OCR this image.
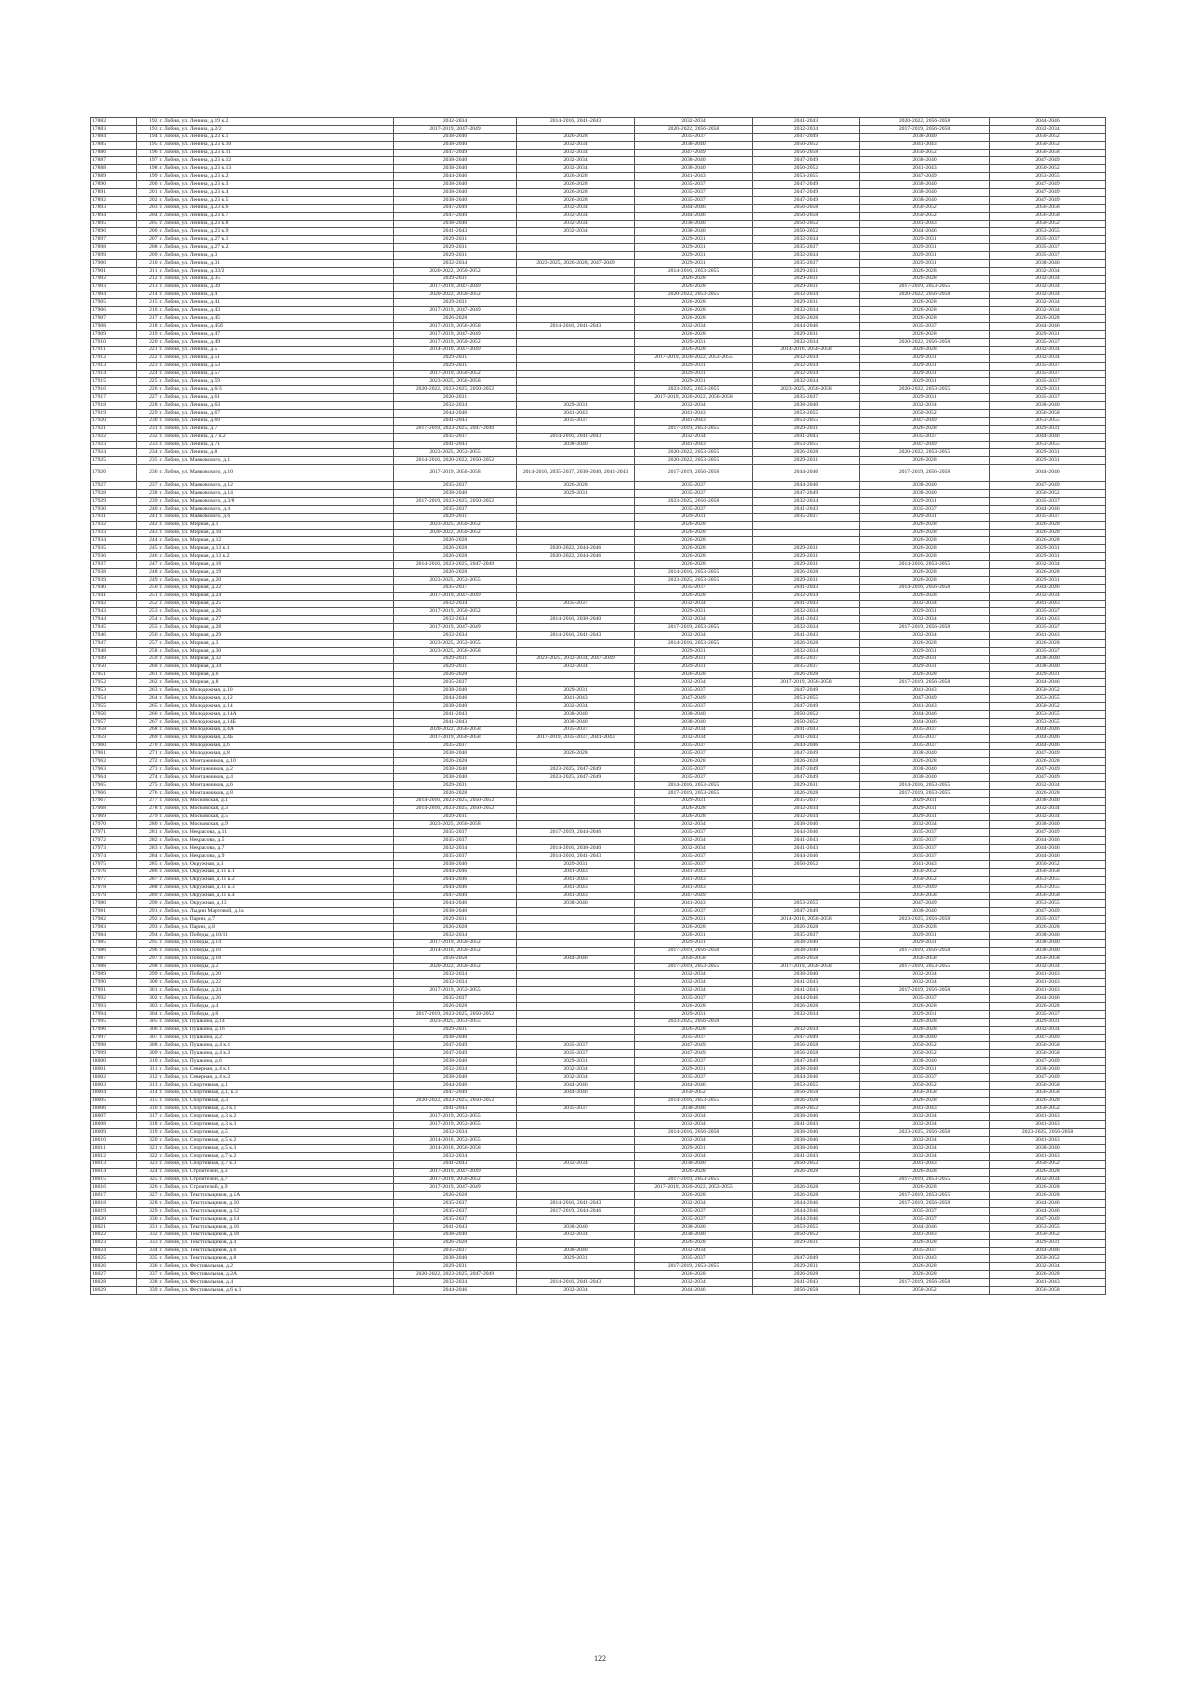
17882	192	г. Лобня, ул. Ленина, д.19 к.2	2032-2034	2014-2016, 2041-2043	2032-2034	2041-2043	2020-2022, 2056-2058	2044-2046
17883	193	г. Лобня, ул. Ленина, д.2/2	2017-2019, 2047-2049		2020-2022, 2056-2058	2032-2034	2017-2019, 2056-2058	2032-2034
17884	194	г. Лобня, ул. Ленина, д.23 к.1	2038-2040	2026-2028	2035-2037	2047-2049	2038-2040	2050-2052
17885	195	г. Лобня, ул. Ленина, д.23 к.10	2038-2040	2032-2034	2038-2040	2050-2052	2041-2043	2050-2052
17886	196	г. Лобня, ул. Ленина, д.23 к.11	2047-2049	2032-2034	2047-2049	2056-2058	2050-2052	2056-2058
17887	197	г. Лобня, ул. Ленина, д.23 к.12	2038-2040	2032-2034	2038-2040	2047-2049	2038-2040	2047-2049
17888	198	г. Лобня, ул. Ленина, д.23 к.13	2038-2040	2032-2034	2038-2040	2050-2052	2041-2043	2050-2052
17889	199	г. Лобня, ул. Ленина, д.23 к.2	2044-2046	2026-2028	2041-2043	2053-2055	2047-2049	2053-2055
17890	200	г. Лобня, ул. Ленина, д.23 к.3	2038-2040	2026-2028	2035-2037	2047-2049	2038-2040	2047-2049
17891	201	г. Лобня, ул. Ленина, д.23 к.4	2038-2040	2026-2028	2035-2037	2047-2049	2038-2040	2047-2049
17892	202	г. Лобня, ул. Ленина, д.23 к.5	2038-2040	2026-2028	2035-2037	2047-2049	2038-2040	2047-2049
17893	203	г. Лобня, ул. Ленина, д.23 к.6	2047-2049	2032-2034	2044-2046	2056-2058	2050-2052	2056-2058
17894	204	г. Лобня, ул. Ленина, д.23 к.7	2047-2049	2032-2034	2044-2046	2056-2058	2050-2052	2056-2058
17895	205	г. Лобня, ул. Ленина, д.23 к.8	2038-2040	2032-2034	2038-2040	2050-2052	2041-2043	2050-2052
17896	206	г. Лобня, ул. Ленина, д.23 к.9	2041-2043	2032-2034	2038-2040	2050-2052	2044-2046	2053-2055
17897	207	г. Лобня, ул. Ленина, д.27 к.1	2029-2031		2029-2031	2032-2034	2029-2031	2035-2037
17898	208	г. Лобня, ул. Ленина, д.27 к.2	2029-2031		2029-2031	2035-2037	2029-2031	2035-2037
17899	209	г. Лобня, ул. Ленина, д.3	2029-2031		2029-2031	2032-2034	2029-2031	2035-2037
17900	210	г. Лобня, ул. Ленина, д.31	2032-2034	2023-2025, 2026-2028, 2047-2049	2029-2031	2035-2037	2029-2031	2038-2040
17901	211	г. Лобня, ул. Ленина, д.33/2	2020-2022, 2050-2052		2014-2016, 2053-2055	2029-2031	2026-2028	2032-2034
17902	212	г. Лобня, ул. Ленина, д.35	2029-2031		2026-2028	2029-2031	2026-2028	2032-2034
17903	213	г. Лобня, ул. Ленина, д.39	2017-2019, 2047-2049		2026-2028	2029-2031	2017-2019, 2053-2055	2032-2034
17904	214	г. Лобня, ул. Ленина, д.4	2020-2022, 2050-2052		2020-2022, 2053-2055	2032-2034	2020-2022, 2056-2058	2032-2034
17905	215	г. Лобня, ул. Ленина, д.41	2029-2031		2026-2028	2029-2031	2026-2028	2032-2034
17906	216	г. Лобня, ул. Ленина, д.43	2017-2019, 2047-2049		2026-2028	2032-2034	2026-2028	2032-2034
17907	217	г. Лобня, ул. Ленина, д.45	2026-2028		2026-2028	2026-2028	2026-2028	2026-2028
17908	218	г. Лобня, ул. Ленина, д.45б	2017-2019, 2056-2058	2014-2016, 2041-2043	2032-2034	2044-2046	2035-2037	2044-2046
17909	219	г. Лобня, ул. Ленина, д.47	2017-2019, 2047-2049		2026-2028	2029-2031	2026-2028	2029-2031
17910	220	г. Лобня, ул. Ленина, д.49	2017-2019, 2050-2052		2029-2031	2032-2034	2020-2022, 2056-2058	2035-2037
17911	221	г. Лобня, ул. Ленина, д.5	2014-2016, 2047-2049		2026-2028	2014-2016, 2056-2058	2026-2028	2032-2034
17912	222	г. Лобня, ул. Ленина, д.51	2029-2031		2017-2019, 2020-2022, 2053-2055	2032-2034	2029-2031	2032-2034
17913	223	г. Лобня, ул. Ленина, д.53	2029-2031		2029-2031	2032-2034	2029-2031	2035-2037
17914	224	г. Лобня, ул. Ленина, д.57	2017-2019, 2050-2052		2029-2031	2032-2034	2029-2031	2035-2037
17915	225	г. Лобня, ул. Ленина, д.59	2023-2025, 2056-2058		2029-2031	2032-2034	2029-2031	2035-2037
17916	226	г. Лобня, ул. Ленина, д.6/3	2020-2022, 2023-2025, 2050-2052		2023-2025, 2053-2055	2023-2025, 2056-2058	2020-2022, 2053-2055	2029-2031
17917	227	г. Лобня, ул. Ленина, д.61	2020-2031		2017-2019, 2020-2022, 2056-2058	2035-2037	2029-2031	2035-2037
17918	228	г. Лобня, ул. Ленина, д.63	2032-2034	2029-2031	2032-2034	2038-2040	2032-2034	2038-2040
17919	229	г. Лобня, ул. Ленина, д.67	2044-2046	2041-2043	2041-2043	2053-2055	2050-2052	2056-2058
17920	230	г. Лобня, ул. Ленина, д.69	2041-2043	2035-2037	2041-2043	2053-2055	2047-2049	2053-2055
17921	231	г. Лобня, ул. Ленина, д.7	2017-2019, 2023-2025, 2047-2049		2017-2019, 2053-2055	2029-2031	2026-2028	2029-2031
17922	232	г. Лобня, ул. Ленина, д.7 к.2	2035-2037	2014-2016, 2041-2043	2032-2034	2041-2043	2035-2037	2044-2046
17923	233	г. Лобня, ул. Ленина, д.71	2041-2043	2038-2040	2041-2043	2053-2055	2047-2049	2053-2055
17924	234	г. Лобня, ул. Ленина, д.8	2023-2025, 2053-2055		2020-2022, 2053-2055	2026-2028	2020-2022, 2053-2055	2029-2031
17925	235	г. Лобня, ул. Маяковского, д.1	2014-2016, 2020-2022, 2050-2052		2020-2022, 2053-2055	2029-2031	2026-2028	2029-2031
17926	236	г. Лобня, ул. Маяковского, д.10	2017-2019, 2056-2058	2014-2016, 2035-2037, 2038-2040, 2041-2043	2017-2019, 2056-2058	2044-2046	2017-2019, 2056-2058	2044-2046
17927	237	г. Лобня, ул. Маяковского, д.12	2035-2037	2026-2028	2035-2037	2044-2046	2038-2040	2047-2049
17928	238	г. Лобня, ул. Маяковского, д.14	2038-2040	2029-2031	2035-2037	2047-2049	2038-2040	2050-2052
17929	239	г. Лобня, ул. Маяковского, д.3/8	2017-2019, 2023-2025, 2050-2052		2023-2025, 2056-2058	2032-2034	2029-2031	2035-2037
17930	240	г. Лобня, ул. Маяковского, д.4	2035-2037		2035-2037	2041-2043	2035-2037	2044-2046
17931	241	г. Лобня, ул. Маяковского, д.6	2029-2031		2029-2031	2035-2037	2029-2031	2035-2037
17932	242	г. Лобня, ул. Мирная, д.1	2023-2025, 2050-2052		2026-2028		2026-2028	2026-2028
17933	243	г. Лобня, ул. Мирная, д.10	2020-2022, 2050-2052		2026-2028		2026-2028	2026-2028
17934	244	г. Лобня, ул. Мирная, д.12	2026-2028		2026-2028		2026-2028	2026-2028
17935	245	г. Лобня, ул. Мирная, д.13 к.1	2026-2028	2020-2022, 2044-2046	2026-2028	2029-2031	2026-2028	2029-2031
17936	246	г. Лобня, ул. Мирная, д.13 к.2	2026-2028	2020-2022, 2044-2046	2026-2028	2029-2031	2026-2028	2029-2031
17937	247	г. Лобня, ул. Мирная, д.16	2014-2016, 2023-2025, 2047-2049		2026-2028	2029-2031	2014-2016, 2053-2055	2032-2034
17938	248	г. Лобня, ул. Мирная, д.19	2026-2028		2014-2016, 2053-2055	2026-2028	2026-2028	2026-2028
17939	249	г. Лобня, ул. Мирная, д.20	2023-2025, 2053-2055		2023-2025, 2053-2055	2029-2031	2026-2028	2029-2031
17940	250	г. Лобня, ул. Мирная, д.22	2035-2037		2035-2037	2041-2043	2014-2016, 2056-2058	2044-2046
17941	251	г. Лобня, ул. Мирная, д.24	2017-2019, 2047-2049		2026-2028	2032-2034	2026-2028	2032-2034
17942	252	г. Лобня, ул. Мирная, д.25	2032-2034	2035-2037	2032-2034	2041-2043	2032-2034	2041-2043
17943	253	г. Лобня, ул. Мирная, д.26	2017-2019, 2050-2052		2029-2031	2032-2034	2029-2031	2035-2037
17944	254	г. Лобня, ул. Мирная, д.27	2032-2034	2014-2016, 2038-2040	2032-2034	2041-2043	2032-2034	2041-2043
17945	255	г. Лобня, ул. Мирная, д.28	2017-2019, 2047-2049		2017-2019, 2053-2055	2032-2034	2017-2019, 2056-2058	2035-2037
17946	256	г. Лобня, ул. Мирная, д.29	2032-2034	2014-2016, 2041-2043	2032-2034	2041-2043	2032-2034	2041-2043
17947	257	г. Лобня, ул. Мирная, д.3	2023-2025, 2053-2055		2014-2016, 2053-2055	2026-2028	2026-2028	2026-2028
17948	258	г. Лобня, ул. Мирная, д.30	2023-2025, 2056-2058		2029-2031	2032-2034	2029-2031	2035-2037
17949	259	г. Лобня, ул. Мирная, д.32	2029-2031	2023-2025, 2032-2034, 2047-2049	2029-2031	2035-2037	2029-2031	2038-2040
17950	260	г. Лобня, ул. Мирная, д.34	2029-2031	2032-2034	2029-2031	2035-2037	2029-2031	2038-2040
17951	261	г. Лобня, ул. Мирная, д.6	2026-2028		2026-2028	2026-2028	2026-2028	2029-2031
17952	262	г. Лобня, ул. Мирная, д.8	2035-2037		2032-2034	2017-2019, 2056-2058	2017-2019, 2056-2058	2044-2046
17953	263	г. Лобня, ул. Молодежная, д.10	2038-2040	2029-2031	2035-2037	2047-2049	2041-2043	2050-2052
17954	264	г. Лобня, ул. Молодежная, д.12	2044-2046	2041-2043	2047-2049	2053-2055	2047-2049	2053-2055
17955	265	г. Лобня, ул. Молодежная, д.14	2038-2040	2032-2034	2035-2037	2047-2049	2041-2043	2050-2052
17956	266	г. Лобня, ул. Молодежная, д.14А	2041-2043	2038-2040	2038-2040	2050-2052	2044-2046	2053-2055
17957	267	г. Лобня, ул. Молодежная, д.14Б	2041-2043	2038-2040	2038-2040	2050-2052	2044-2046	2053-2055
17958	268	г. Лобня, ул. Молодежная, д.4А	2020-2022, 2056-2058	2035-2037	2032-2034	2041-2043	2035-2037	2044-2046
17959	269	г. Лобня, ул. Молодежная, д.4Б	2017-2019, 2056-2058	2017-2019, 2035-2037, 2041-2043	2032-2034	2041-2043	2035-2037	2044-2046
17960	270	г. Лобня, ул. Молодежная, д.6	2035-2037		2035-2037	2044-2046	2035-2037	2044-2046
17961	271	г. Лобня, ул. Молодежная, д.8	2038-2040	2026-2028	2035-2037	2047-2049	2038-2040	2047-2049
17962	272	г. Лобня, ул. Монтажников, д.10	2026-2028		2026-2028	2026-2028	2026-2028	2026-2028
17963	273	г. Лобня, ул. Монтажников, д.2	2038-2040	2023-2025, 2047-2049	2035-2037	2047-2049	2038-2040	2047-2049
17964	274	г. Лобня, ул. Монтажников, д.4	2038-2040	2023-2025, 2047-2049	2035-2037	2047-2049	2038-2040	2047-2049
17965	275	г. Лобня, ул. Монтажников, д.6	2029-2031		2014-2016, 2053-2055	2029-2031	2014-2016, 2053-2055	2032-2034
17966	276	г. Лобня, ул. Монтажников, д.8	2026-2028		2017-2019, 2053-2055	2026-2028	2017-2019, 2053-2055	2026-2028
17967	277	г. Лобня, ул. Московская, д.1	2014-2016, 2023-2025, 2050-2052		2029-2031	2035-2037	2029-2031	2038-2040
17968	278	г. Лобня, ул. Московская, д.3	2014-2016, 2023-2025, 2050-2052		2026-2028	2032-2034	2029-2031	2032-2034
17969	279	г. Лобня, ул. Московская, д.5	2029-2031		2026-2028	2032-2034	2029-2031	2032-2034
17970	280	г. Лобня, ул. Московская, д.9	2023-2025, 2056-2058		2032-2034	2038-2040	2032-2034	2038-2040
17971	281	г. Лобня, ул. Некрасова, д.11	2035-2037	2017-2019, 2044-2046	2035-2037	2044-2046	2035-2037	2047-2049
17972	282	г. Лобня, ул. Некрасова, д.5	2035-2037		2032-2034	2041-2043	2035-2037	2044-2046
17973	283	г. Лобня, ул. Некрасова, д.7	2032-2034	2014-2016, 2038-2040	2032-2034	2041-2043	2035-2037	2044-2046
17974	284	г. Лобня, ул. Некрасова, д.9	2035-2037	2014-2016, 2041-2043	2035-2037	2044-2046	2035-2037	2044-2046
17975	285	г. Лобня, ул. Окружная, д.1	2038-2040	2029-2031	2035-2037	2050-2052	2041-2043	2050-2052
17976	286	г. Лобня, ул. Окружная, д.11 к.1	2044-2046	2041-2043	2041-2043		2050-2052	2056-2058
17977	287	г. Лобня, ул. Окружная, д.11 к.2	2044-2046	2041-2043	2041-2043		2050-2052	2053-2055
17978	288	г. Лобня, ул. Окружная, д.11 к.3	2044-2046	2041-2043	2041-2043		2047-2049	2053-2055
17979	289	г. Лобня, ул. Окружная, д.11 к.4	2047-2049	2041-2043	2047-2049		2056-2058	2056-2058
17980	290	г. Лобня, ул. Окружная, д.13	2044-2046	2038-2040	2041-2043	2053-2055	2047-2049	2053-2055
17981	291	г. Лобня, ул. Лыдии Мартовой, д.1а	2038-2040		2035-2037	2047-2049	2038-2040	2047-2049
17982	292	г. Лобня, ул. Парни, д.7	2029-2031		2029-2031	2014-2016, 2056-2058	2023-2025, 2056-2058	2035-2037
17983	293	г. Лобня, ул. Парни, д.8	2026-2028		2026-2028	2026-2028	2026-2028	2026-2028
17984	294	г. Лобня, ул. Победы, д.10/11	2032-2034		2020-2031	2035-2037	2029-2031	2038-2040
17985	295	г. Лобня, ул. Победы, д.14	2017-2019, 2050-2052		2029-2031	2038-2040	2029-2031	2038-2040
17986	296	г. Лобня, ул. Победы, д.16	2014-2016, 2050-2052		2017-2019, 2056-2058	2038-2040	2017-2019, 2056-2058	2038-2040
17987	297	г. Лобня, ул. Победы, д.18	2056-2058	2044-2046	2056-2058	2056-2058	2056-2058	2056-2058
17988	298	г. Лобня, ул. Победы, д.2	2020-2022, 2050-2052		2017-2019, 2053-2055	2017-2019, 2056-2058	2017-2019, 2053-2055	2032-2034
17989	299	г. Лобня, ул. Победы, д.20	2032-2034		2032-2034	2038-2040	2032-2034	2041-2043
17990	300	г. Лобня, ул. Победы, д.22	2032-2034		2032-2034	2041-2043	2032-2034	2041-2043
17991	301	г. Лобня, ул. Победы, д.24	2017-2019, 2053-2055		2032-2034	2041-2043	2017-2019, 2056-2058	2041-2043
17992	302	г. Лобня, ул. Победы, д.26	2035-2037		2035-2037	2044-2046	2035-2037	2044-2046
17993	303	г. Лобня, ул. Победы, д.4	2026-2028		2026-2028	2026-2028	2026-2028	2026-2028
17994	304	г. Лобня, ул. Победы, д.8	2017-2019, 2023-2025, 2050-2052		2029-2031	2032-2034	2029-2031	2035-2037
17995	305	г. Лобня, ул. Пушкина, д.14	2023-2025, 2053-2055		2023-2025, 2056-2058		2026-2028	2029-2031
17996	306	г. Лобня, ул. Пушкина, д.16	2029-2031		2026-2028	2032-2034	2026-2028	2032-2034
17997	307	г. Лобня, ул. Пушкина, д.2	2038-2040		2035-2037	2047-2049	2038-2040	2047-2049
17998	308	г. Лобня, ул. Пушкина, д.4 к.1	2047-2049	2035-2037	2047-2049	2056-2058	2050-2052	2056-2058
17999	309	г. Лобня, ул. Пушкина, д.4 к.2	2047-2049	2035-2037	2047-2049	2056-2058	2050-2052	2056-2058
18000	310	г. Лобня, ул. Пушкина, д.6	2038-2040	2029-2031	2035-2037	2047-2049	2038-2040	2047-2049
18001	311	г. Лобня, ул. Северная, д.4 к.1	2032-2034	2032-2034	2029-2031	2038-2040	2029-2031	2038-2040
18002	312	г. Лобня, ул. Северная, д.4 к.2	2038-2040	2032-2034	2035-2037	2044-2046	2035-2037	2047-2049
18003	313	г. Лобня, ул. Спортивная, д.1	2044-2046	2044-2046	2044-2046	2053-2055	2050-2052	2056-2058
18004	314	г. Лобня, ул. Спортивная, д.1, к.3	2047-2049	2044-2046	2050-2052	2056-2058	2056-2058	2056-2058
18005	315	г. Лобня, ул. Спортивная, д.3	2020-2022, 2023-2025, 2050-2052		2014-2016, 2053-2055	2026-2028	2026-2028	2026-2028
18006	316	г. Лобня, ул. Спортивная, д.3 к.1	2041-2043	2035-2037	2038-2040	2050-2052	2041-2043	2050-2052
18007	317	г. Лобня, ул. Спортивная, д.3 к.2	2017-2019, 2053-2055		2032-2034	2038-2040	2032-2034	2041-2043
18008	318	г. Лобня, ул. Спортивная, д.3 к.3	2017-2019, 2053-2055		2032-2034	2041-2043	2032-2034	2041-2043
18009	319	г. Лобня, ул. Спортивная, д.5	2032-2034		2014-2016, 2056-2058	2038-2040	2023-2025, 2056-2058	2023-2025, 2056-2058
18010	320	г. Лобня, ул. Спортивная, д.5 к.2	2014-2016, 2053-2055		2032-2034	2038-2040	2032-2034	2041-2043
18011	321	г. Лобня, ул. Спортивная, д.5 к.3	2014-2016, 2056-2058		2029-2031	2038-2040	2032-2034	2038-2040
18012	322	г. Лобня, ул. Спортивная, д.7 к.2	2032-2034		2032-2034	2041-2043	2032-2034	2041-2043
18013	323	г. Лобня, ул. Спортивная, д.7 к.3	2041-2043	2032-2034	2038-2040	2050-2052	2041-2043	2050-2052
18014	324	г. Лобня, ул. Строителей, д.3	2017-2019, 2047-2049		2026-2028	2026-2028	2026-2028	2026-2028
18015	325	г. Лобня, ул. Строителей, д.7	2017-2019, 2050-2052		2017-2019, 2053-2055		2017-2019, 2053-2055	2032-2034
18016	326	г. Лобня, ул. Строителей, д.9	2017-2019, 2047-2049		2017-2019, 2020-2022, 2053-2055	2026-2028	2026-2028	2026-2028
18017	327	г. Лобня, ул. Текстильщиков, д.1А	2026-2028		2026-2028	2026-2028	2017-2019, 2053-2055	2026-2028
18018	328	г. Лобня, ул. Текстильщиков, д.10	2035-2037	2014-2016, 2041-2043	2032-2034	2044-2046	2017-2019, 2056-2058	2044-2046
18019	329	г. Лобня, ул. Текстильщиков, д.12	2035-2037	2017-2019, 2044-2046	2035-2037	2044-2046	2035-2037	2044-2046
18020	330	г. Лобня, ул. Текстильщиков, д.14	2035-2037		2035-2037	2044-2046	2035-2037	2047-2049
18021	331	г. Лобня, ул. Текстильщиков, д.16	2041-2043	2038-2040	2038-2040	2053-2055	2044-2046	2053-2055
18022	332	г. Лобня, ул. Текстильщиков, д.18	2038-2040	2032-2034	2038-2040	2050-2052	2041-2043	2050-2052
18023	333	г. Лобня, ул. Текстильщиков, д.4	2026-2028		2026-2028	2029-2031	2026-2028	2029-2031
18024	334	г. Лобня, ул. Текстильщиков, д.6	2035-2037	2038-2040	2032-2034		2035-2037	2044-2046
18025	335	г. Лобня, ул. Текстильщиков, д.8	2038-2040	2029-2031	2035-2037	2047-2049	2041-2043	2050-2052
18026	336	г. Лобня, ул. Фестивальная, д.2	2029-2031		2017-2019, 2053-2055	2029-2031	2026-2028	2032-2034
18027	337	г. Лобня, ул. Фестивальная, д.2А	2020-2022, 2023-2025, 2047-2049		2026-2028	2026-2028	2026-2028	2026-2028
18028	338	г. Лобня, ул. Фестивальная, д.4	2032-2034	2014-2016, 2041-2043	2032-2034	2041-2043	2017-2019, 2056-2058	2041-2043
18029	339	г. Лобня, ул. Фестивальная, д.6 к.1	2044-2046	2032-2034	2044-2046	2056-2058	2050-2052	2056-2058
122
